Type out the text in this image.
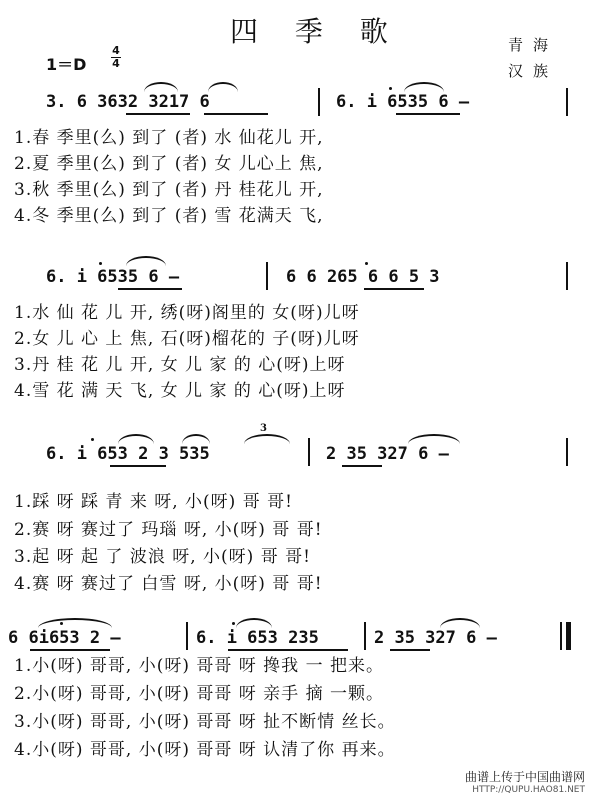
四 季 歌	青海
汉族
1＝D
4
4
3. 6 3632 3217 6	6. i 6535 6 –
1.春 季里(么) 到了 (者) 水 仙花儿 开,
2.夏 季里(么) 到了 (者) 女 儿心上 焦,
3.秋 季里(么) 到了 (者) 丹 桂花儿 开,
4.冬 季里(么) 到了 (者) 雪 花满天 飞,
6. i 6535 6 –	6 6 265 6 6 5 3
1.水 仙 花 儿 开, 绣(呀)阁里的 女(呀)儿呀
2.女 儿 心 上 焦, 石(呀)榴花的 子(呀)儿呀
3.丹 桂 花 儿 开, 女 儿 家 的 心(呀)上呀
4.雪 花 满 天 飞, 女 儿 家 的 心(呀)上呀
6. i 653 2 3 535	2 35 327 6 –
3
1.踩 呀 踩 青 来 呀, 小(呀) 哥 哥!
2.赛 呀 赛过了 玛瑙 呀, 小(呀) 哥 哥!
3.起 呀 起 了 波浪 呀, 小(呀) 哥 哥!
4.赛 呀 赛过了 白雪 呀, 小(呀) 哥 哥!
6 6i653 2 –	6. i 653 235	2 35 327 6 –
1.小(呀) 哥哥, 小(呀) 哥哥 呀 搀我 一 把来。
2.小(呀) 哥哥, 小(呀) 哥哥 呀 亲手 摘 一颗。
3.小(呀) 哥哥, 小(呀) 哥哥 呀 扯不断情 丝长。
4.小(呀) 哥哥, 小(呀) 哥哥 呀 认清了你 再来。
曲谱上传于中国曲谱网
HTTP://QUPU.HAO81.NET
